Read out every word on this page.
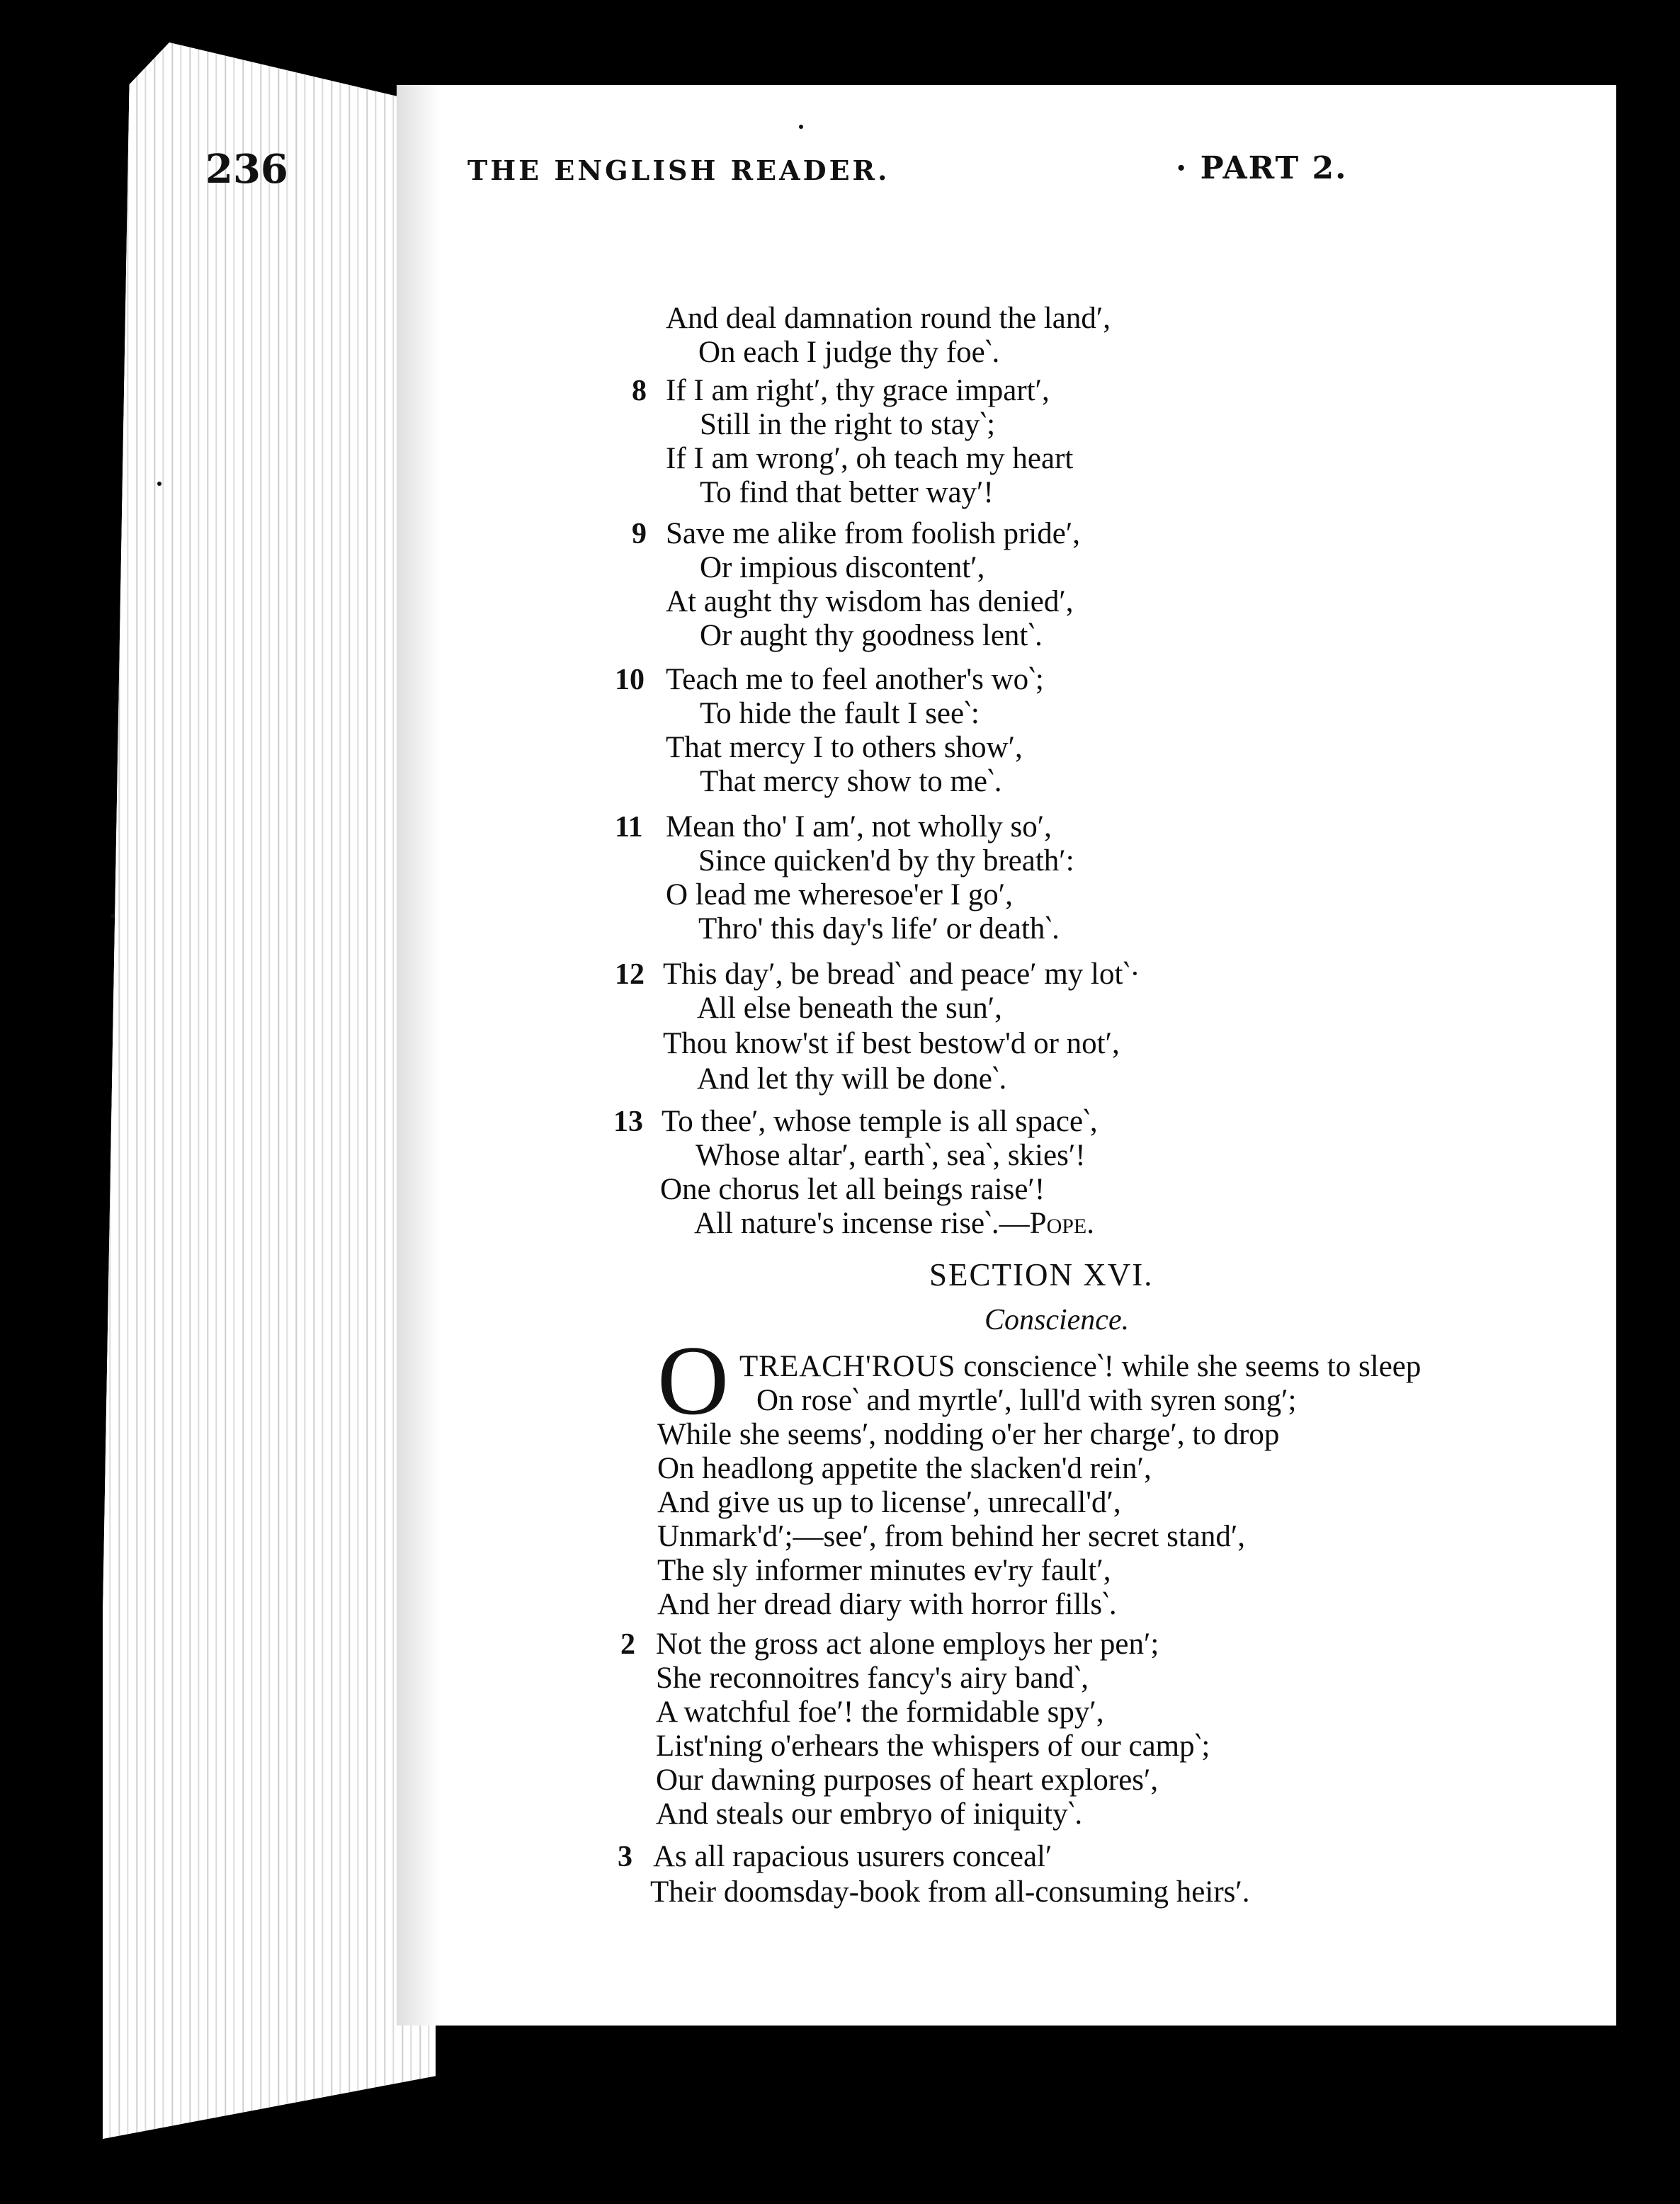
236	THE ENGLISH READER.	· PART 2.
And deal damnation round the land′,
On each I judge thy foe‵.
8 If I am right′, thy grace impart′,
Still in the right to stay‵;
If I am wrong′, oh teach my heart
To find that better way′!
9 Save me alike from foolish pride′,
Or impious discontent′,
At aught thy wisdom has denied′,
Or aught thy goodness lent‵.
10 Teach me to feel another's wo‵;
To hide the fault I see‵:
That mercy I to others show′,
That mercy show to me‵.
11 Mean tho' I am′, not wholly so′,
Since quicken'd by thy breath′:
O lead me wheresoe'er I go′,
Thro' this day's life′ or death‵.
12 This day′, be bread‵ and peace′ my lot‵·
All else beneath the sun′,
Thou know'st if best bestow'd or not′,
And let thy will be done‵.
13 To thee′, whose temple is all space‵,
Whose altar′, earth‵, sea‵, skies′!
One chorus let all beings raise′!
All nature's incense rise‵.—Pope.
SECTION XVI.
Conscience.
O TREACH'ROUS conscience‵! while she seems to sleep
On rose‵ and myrtle′, lull'd with syren song′;
While she seems′, nodding o'er her charge′, to drop
On headlong appetite the slacken'd rein′,
And give us up to license′, unrecall'd′,
Unmark'd′;—see′, from behind her secret stand′,
The sly informer minutes ev'ry fault′,
And her dread diary with horror fills‵.
2 Not the gross act alone employs her pen′;
She reconnoitres fancy's airy band‵,
A watchful foe′! the formidable spy′,
List'ning o'erhears the whispers of our camp‵;
Our dawning purposes of heart explores′,
And steals our embryo of iniquity‵.
3 As all rapacious usurers conceal′
Their doomsday-book from all-consuming heirs′.
